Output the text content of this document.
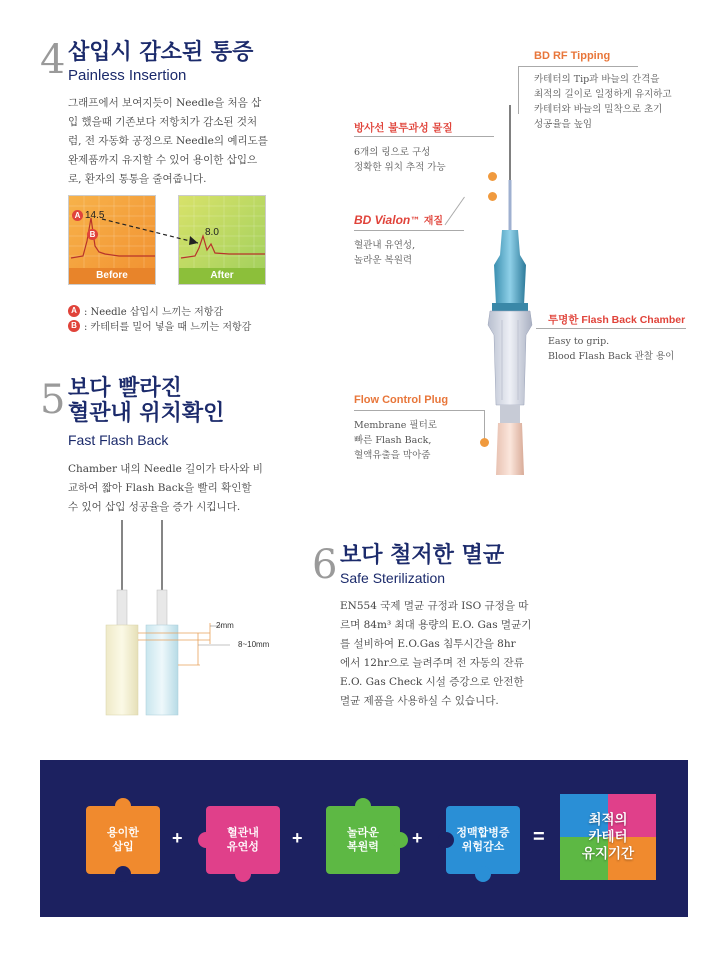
4 삽입시 감소된 통증
Painless Insertion
그래프에서 보여지듯이 Needle을 처음 삽
입 했을때 기존보다 저항치가 감소된 것처
럼, 전 자동화 공정으로 Needle의 예리도를
완제품까지 유지할 수 있어 용이한 삽입으
로, 환자의 통통을 줄여줍니다.
A 14.5
B
Before
8.0
After
A : Needle 삽입시 느끼는 저항감
B : 카테터를 밀어 넣을 때 느끼는 저항감
BD RF Tipping
카테터의 Tip과 바늘의 간격을
최적의 길이로 일정하게 유지하고
카테터와 바늘의 밀착으로 초기
성공율을 높임
방사선 불투과성 물질
6개의 링으로 구성
정확한 위치 추적 가능
BD Vialon™ 재질
혈관내 유연성,
놀라운 복원력
투명한 Flash Back Chamber
Easy to grip.
Blood Flash Back 관찰 용이
Flow Control Plug
Membrane 필터로
빠른 Flash Back,
혈액유출을 막아줌
5 보다 빨라진
혈관내 위치확인
Fast Flash Back
Chamber 내의 Needle 길이가 타사와 비
교하여 짧아 Flash Back을 빨리 확인할
수 있어 삽입 성공율을 증가 시킵니다.
2mm
8~10mm
6 보다 철저한 멸균
Safe Sterilization
EN554 국제 멸균 규정과 ISO 규정을 따
르며 84m³ 최대 용량의 E.O. Gas 멸균기
를 설비하여 E.O.Gas 침투시간을 8hr
에서 12hr으로 늘려주며 전 자동의 잔류
E.O. Gas Check 시설 증강으로 안전한
멸균 제품을 사용하실 수 있습니다.
용이한
삽입 +	혈관내
유연성 +	놀라운
복원력 +	정맥합병증
위험감소 =
최적의
카테터
유지기간
